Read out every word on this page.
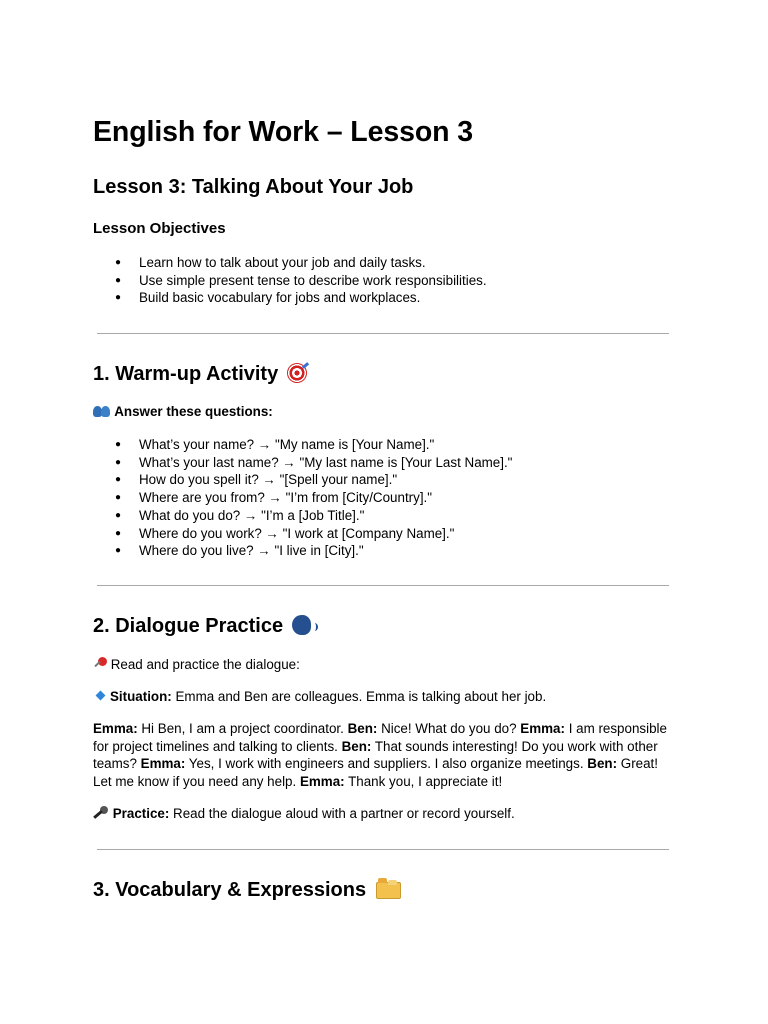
English for Work – Lesson 3
Lesson 3: Talking About Your Job
Lesson Objectives
● Learn how to talk about your job and daily tasks.
● Use simple present tense to describe work responsibilities.
● Build basic vocabulary for jobs and workplaces.
1. Warm-up Activity

Answer these questions:

● What’s your name? → "My name is [Your Name]."
● What’s your last name? → "My last name is [Your Last Name]."
● How do you spell it? → "[Spell your name]."
● Where are you from? → "I’m from [City/Country]."
● What do you do? → "I’m a [Job Title]."
● Where do you work? → "I work at [Company Name]."
● Where do you live? → "I live in [City]."
2. Dialogue Practice

Read and practice the dialogue:

Situation: Emma and Ben are colleagues. Emma is talking about her job.

Emma: Hi Ben, I am a project coordinator. Ben: Nice! What do you do? Emma: I am responsible for project timelines and talking to clients. Ben: That sounds interesting! Do you work with other teams? Emma: Yes, I work with engineers and suppliers. I also organize meetings. Ben: Great! Let me know if you need any help. Emma: Thank you, I appreciate it!

Practice: Read the dialogue aloud with a partner or record yourself.

3. Vocabulary & Expressions
